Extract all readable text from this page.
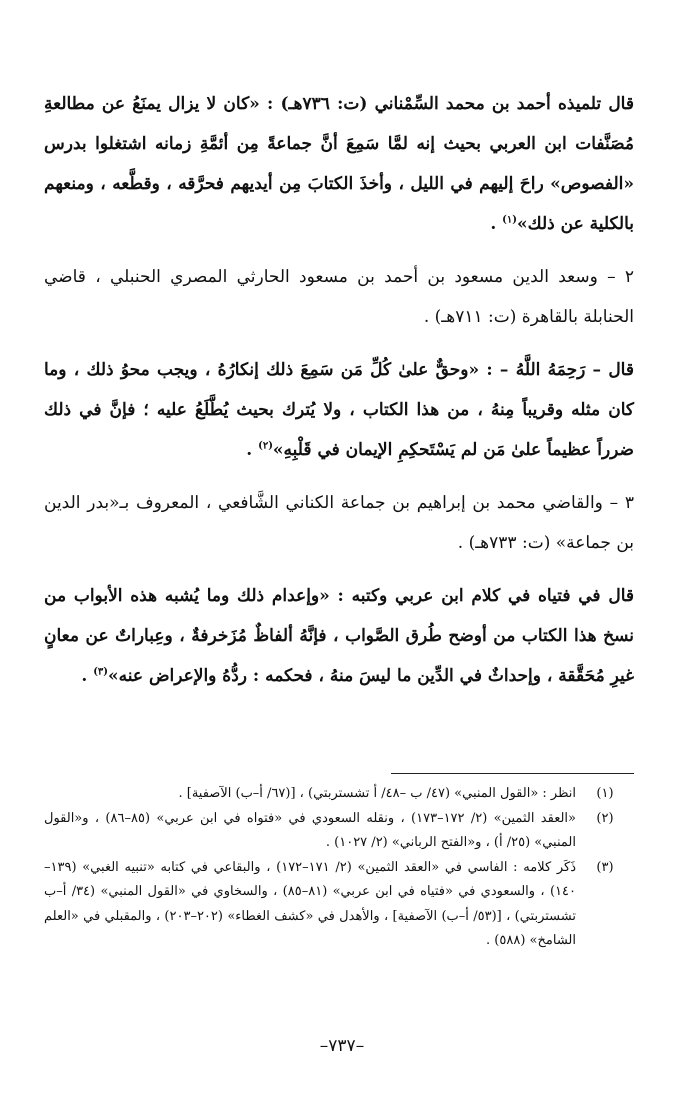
قال تلميذه أحمد بن محمد السِّمْناني (ت: ٧٣٦هـ) : «كان لا يزال يمنَعُ عن مطالعةِ مُصَنَّفات ابن العربي بحيث إنه لمَّا سَمِعَ أنَّ جماعةً مِن أئمَّةِ زمانه اشتغلوا بدرس «الفصوص» راحَ إليهم في الليل ، وأخذَ الكتابَ مِن أيديهم فحرَّقه ، وقطَّعه ، ومنعهم بالكلية عن ذلك»$^{(١)}$ .

٢ – وسعد الدين مسعود بن أحمد بن مسعود الحارثي المصري الحنبلي ، قاضي الحنابلة بالقاهرة (ت: ٧١١هـ) .

قال – رَحِمَهُ اللَّهُ – : «وحقٌّ علىٰ كُلِّ مَن سَمِعَ ذلك إنكارُهُ ، ويجب محوُ ذلك ، وما كان مثله وقريباً مِنهُ ، من هذا الكتاب ، ولا يُترك بحيث يُطَّلَعُ عليه ؛ فإنَّ في ذلك ضرراً عظيماً علىٰ مَن لم يَسْتَحكِمِ الإيمان في قَلْبِهِ»$^{(٢)}$ .

٣ – والقاضي محمد بن إبراهيم بن جماعة الكناني الشَّافعي ، المعروف بـ«بدر الدين بن جماعة» (ت: ٧٣٣هـ) .

قال في فتياه في كلام ابن عربي وكتبه : «وإعدام ذلك وما يُشبه هذه الأبواب من نسخ هذا الكتاب من أوضح طُرق الصَّواب ، فإنَّهُ ألفاظٌ مُزَخرفةٌ ، وعِباراتٌ عن معانٍ غيرِ مُحَقَّقة ، وإحداثٌ في الدِّين ما ليسَ منهُ ، فحكمه : ردُّهُ والإعراض عنه»$^{(٣)}$ .

(١)
انظر : «القول المنبي» (٤٧/ ب –٤٨/ أ تشستربتي) ، [(٦٧/ أ–ب) الآصفية] .
(٢)
«العقد الثمين» (٢/ ١٧٢–١٧٣) ، ونقله السعودي في «فتواه في ابن عربي» (٨٥–٨٦) ، و«القول المنبي» (٢٥/ أ) ، و«الفتح الرباني» (٢/ ١٠٢٧) .
(٣)
ذَكَر كلامه : الفاسي في «العقد الثمين» (٢/ ١٧١–١٧٢) ، والبقاعي في كتابه «تنبيه الغبي» (١٣٩–١٤٠) ، والسعودي في «فتياه في ابن عربي» (٨١–٨٥) ، والسخاوي في «القول المنبي» (٣٤/ أ–ب تشستربتي) ، [(٥٣/ أ–ب) الآصفية] ، والأهدل في «كشف الغطاء» (٢٠٢–٢٠٣) ، والمقبلي في «العلم الشامخ» (٥٨٨) .
–٧٣٧–
